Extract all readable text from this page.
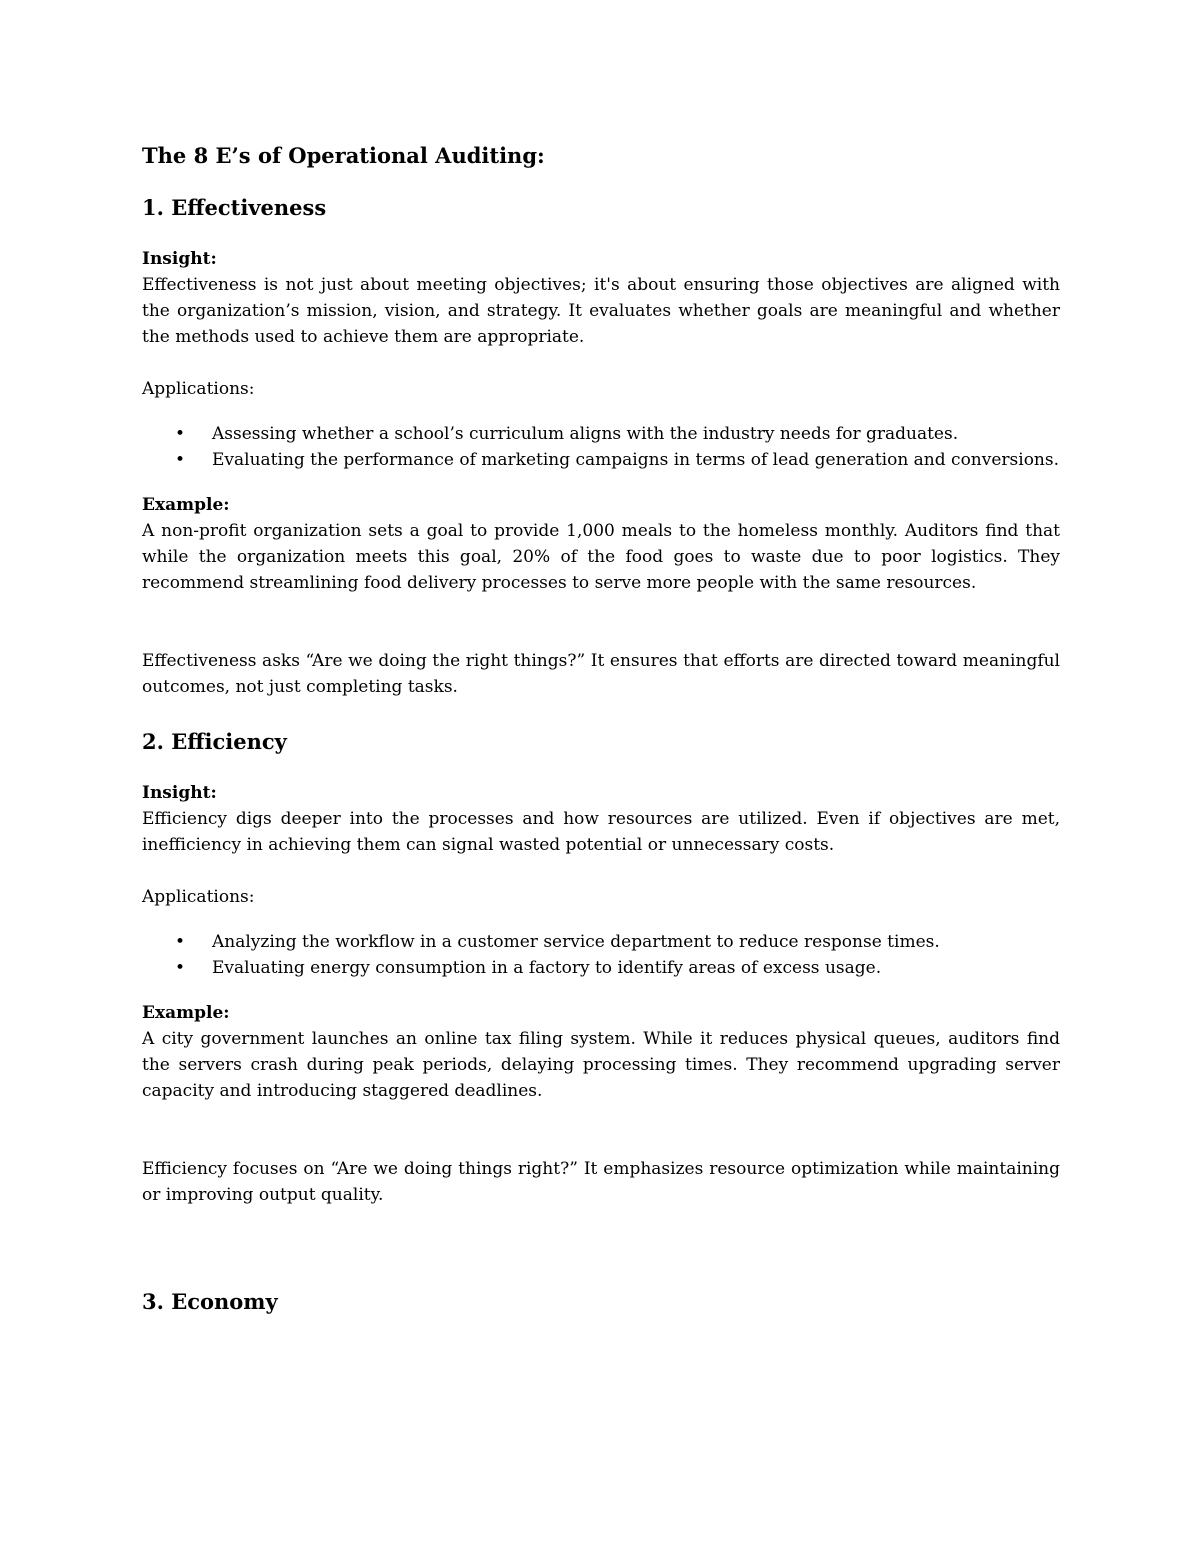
The 8 E’s of Operational Auditing:
1. Effectiveness
Insight:

Effectiveness is not just about meeting objectives; it's about ensuring those objectives are aligned with the organization’s mission, vision, and strategy. It evaluates whether goals are meaningful and whether the methods used to achieve them are appropriate.

Applications:
• Assessing whether a school’s curriculum aligns with the industry needs for graduates.
• Evaluating the performance of marketing campaigns in terms of lead generation and conversions.
Example:

A non-profit organization sets a goal to provide 1,000 meals to the homeless monthly. Auditors find that while the organization meets this goal, 20% of the food goes to waste due to poor logistics. They recommend streamlining food delivery processes to serve more people with the same resources.

Effectiveness asks “Are we doing the right things?” It ensures that efforts are directed toward meaningful outcomes, not just completing tasks.

2. Efficiency
Insight:

Efficiency digs deeper into the processes and how resources are utilized. Even if objectives are met, inefficiency in achieving them can signal wasted potential or unnecessary costs.

Applications:
• Analyzing the workflow in a customer service department to reduce response times.
• Evaluating energy consumption in a factory to identify areas of excess usage.
Example:

A city government launches an online tax filing system. While it reduces physical queues, auditors find the servers crash during peak periods, delaying processing times. They recommend upgrading server capacity and introducing staggered deadlines.

Efficiency focuses on “Are we doing things right?” It emphasizes resource optimization while maintaining or improving output quality.

3. Economy
